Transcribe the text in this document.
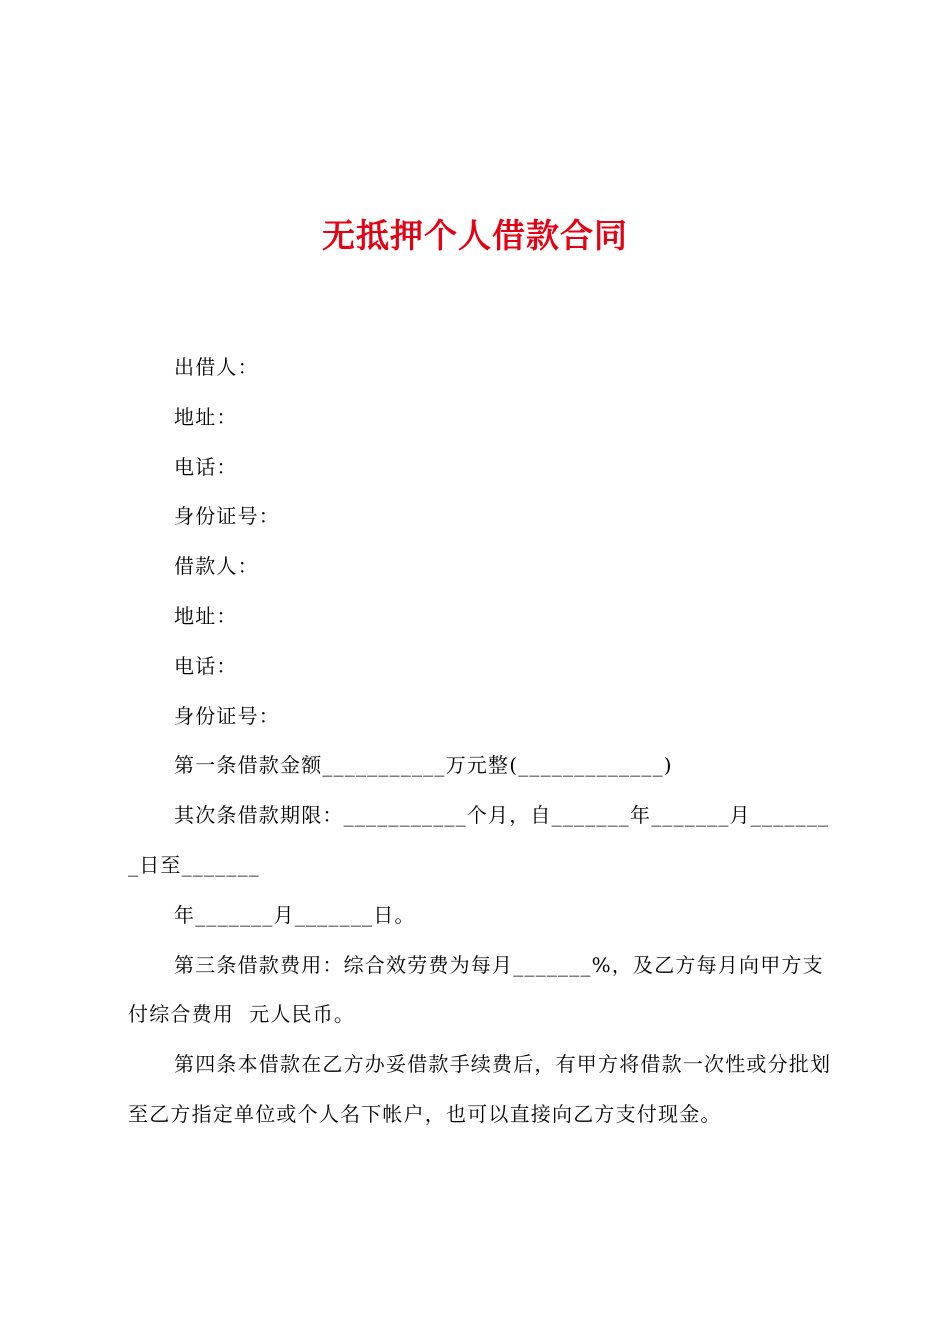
无抵押个人借款合同

出借人：

地址：

电话：

身份证号：

借款人：

地址：

电话：

身份证号：

第一条借款金额___________万元整(_____________)

其次条借款期限：___________个月，自_______年_______月________日至_______

年_______月_______日。

第三条借款费用：综合效劳费为每月_______%，及乙方每月向甲方支付综合费用  元人民币。

第四条本借款在乙方办妥借款手续费后，有甲方将借款一次性或分批划至乙方指定单位或个人名下帐户，也可以直接向乙方支付现金。
